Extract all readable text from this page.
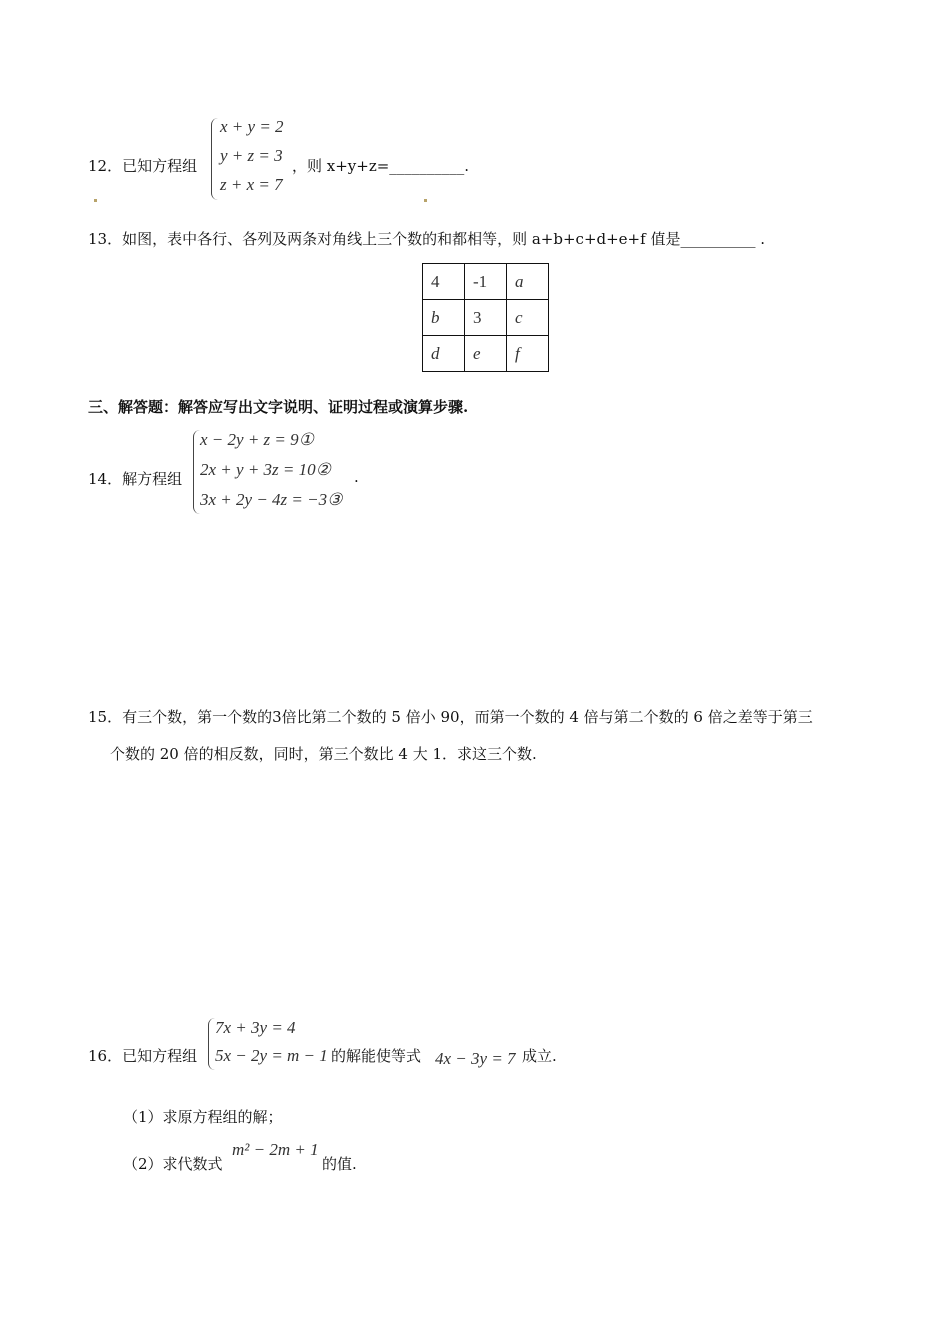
12．已知方程组
x + y = 2
y + z = 3
z + x = 7
，则 x+y+z=__________.
13．如图，表中各行、各列及两条对角线上三个数的和都相等，则 a+b+c+d+e+f 值是__________ .
4	-1	a
b	3	c
d	e	f
三、解答题：解答应写出文字说明、证明过程或演算步骤.
14．解方程组
x − 2y + z = 9①
2x + y + 3z = 10②
3x + 2y − 4z = −3③
.
15．有三个数，第一个数的3倍比第二个数的 5 倍小 90，而第一个数的 4 倍与第二个数的 6 倍之差等于第三
个数的 20 倍的相反数，同时，第三个数比 4 大 1．求这三个数.
16．已知方程组
7x + 3y = 4
5x − 2y = m − 1 的解能使等式 4x − 3y = 7 成立.
（1）求原方程组的解；
（2）求代数式
m² − 2m + 1
的值.
